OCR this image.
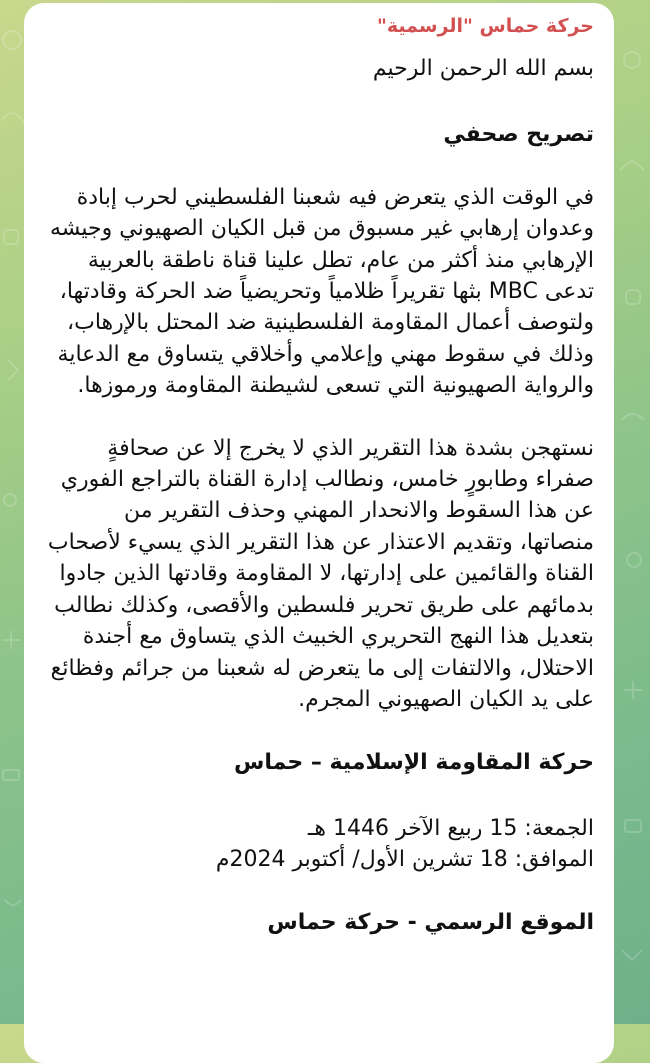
حركة حماس "الرسمية"

بسم الله الرحمن الرحيم

تصريح صحفي

في الوقت الذي يتعرض فيه شعبنا الفلسطيني لحرب إبادة وعدوان إرهابي غير مسبوق من قبل الكيان الصهيوني وجيشه الإرهابي منذ أكثر من عام، تطل علينا قناة ناطقة بالعربية تدعى MBC بثها تقريراً ظلامياً وتحريضياً ضد الحركة وقادتها، ولتوصف أعمال المقاومة الفلسطينية ضد المحتل بالإرهاب، وذلك في سقوط مهني وإعلامي وأخلاقي يتساوق مع الدعاية والرواية الصهيونية التي تسعى لشيطنة المقاومة ورموزها.

نستهجن بشدة هذا التقرير الذي لا يخرج إلا عن صحافةٍ صفراء وطابورٍ خامس، ونطالب إدارة القناة بالتراجع الفوري عن هذا السقوط والانحدار المهني وحذف التقرير من منصاتها، وتقديم الاعتذار عن هذا التقرير الذي يسيء لأصحاب القناة والقائمين على إدارتها، لا المقاومة وقادتها الذين جادوا بدمائهم على طريق تحرير فلسطين والأقصى، وكذلك نطالب بتعديل هذا النهج التحريري الخبيث الذي يتساوق مع أجندة الاحتلال، والالتفات إلى ما يتعرض له شعبنا من جرائم وفظائع على يد الكيان الصهيوني المجرم.

حركة المقاومة الإسلامية – حماس

الجمعة: 15 ربيع الآخر 1446 هـ

الموافق: 18 تشرين الأول/ أكتوبر 2024م

الموقع الرسمي - حركة حماس
